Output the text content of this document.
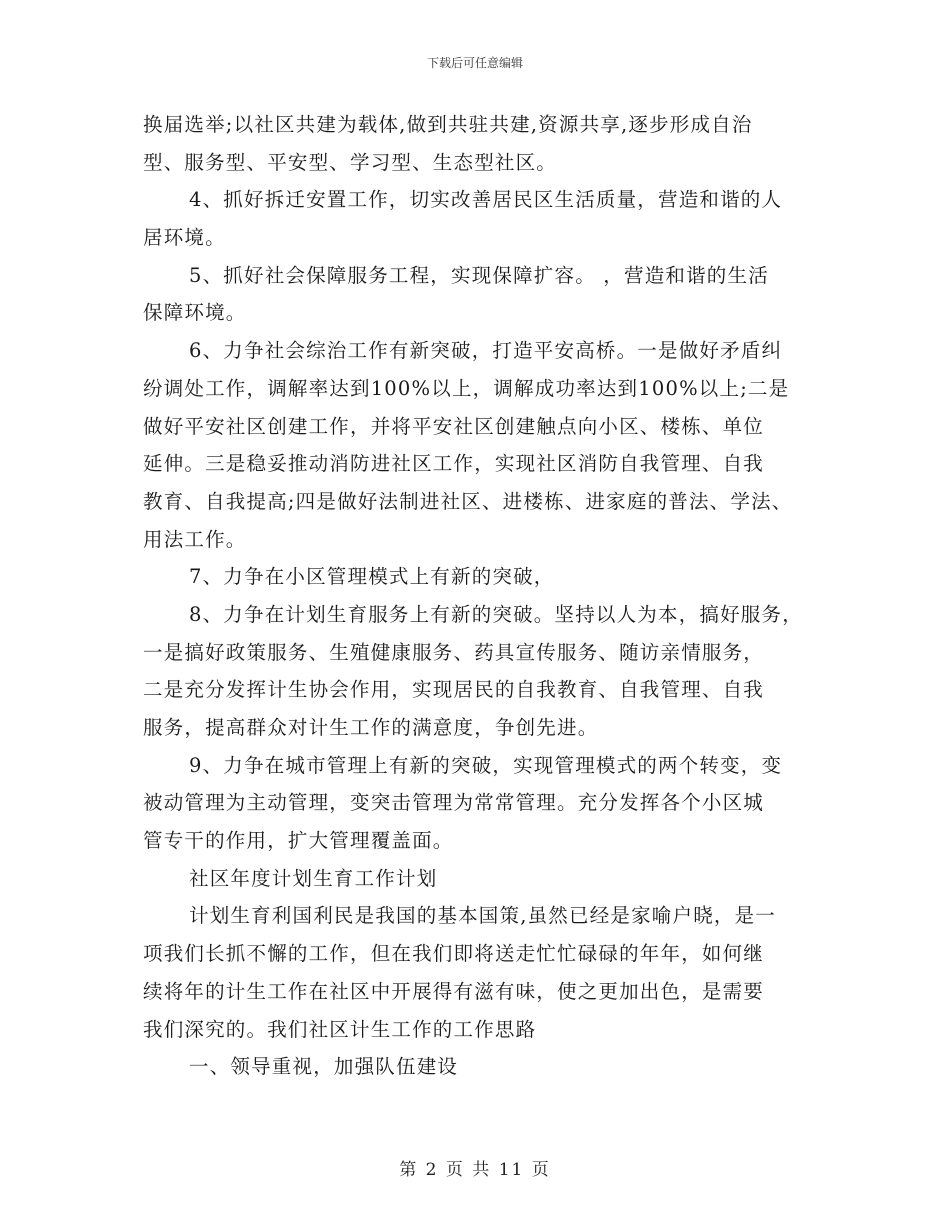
下载后可任意编辑
换届选举;以社区共建为载体,做到共驻共建,资源共享,逐步形成自治
型、服务型、平安型、学习型、生态型社区。
4、抓好拆迁安置工作，切实改善居民区生活质量，营造和谐的人
居环境。
5、抓好社会保障服务工程，实现保障扩容。 ，营造和谐的生活
保障环境。
6、力争社会综治工作有新突破，打造平安高桥。一是做好矛盾纠
纷调处工作，调解率达到100%以上，调解成功率达到100%以上;二是
做好平安社区创建工作，并将平安社区创建触点向小区、楼栋、单位
延伸。三是稳妥推动消防进社区工作，实现社区消防自我管理、自我
教育、自我提高;四是做好法制进社区、进楼栋、进家庭的普法、学法、
用法工作。
7、力争在小区管理模式上有新的突破，
8、力争在计划生育服务上有新的突破。坚持以人为本，搞好服务，
一是搞好政策服务、生殖健康服务、药具宣传服务、随访亲情服务，
二是充分发挥计生协会作用，实现居民的自我教育、自我管理、自我
服务，提高群众对计生工作的满意度，争创先进。
9、力争在城市管理上有新的突破，实现管理模式的两个转变，变
被动管理为主动管理，变突击管理为常常管理。充分发挥各个小区城
管专干的作用，扩大管理覆盖面。
社区年度计划生育工作计划
计划生育利国利民是我国的基本国策,虽然已经是家喻户晓，是一
项我们长抓不懈的工作，但在我们即将送走忙忙碌碌的年年，如何继
续将年的计生工作在社区中开展得有滋有味，使之更加出色，是需要
我们深究的。我们社区计生工作的工作思路
一、领导重视，加强队伍建设
第 2 页 共 11 页
